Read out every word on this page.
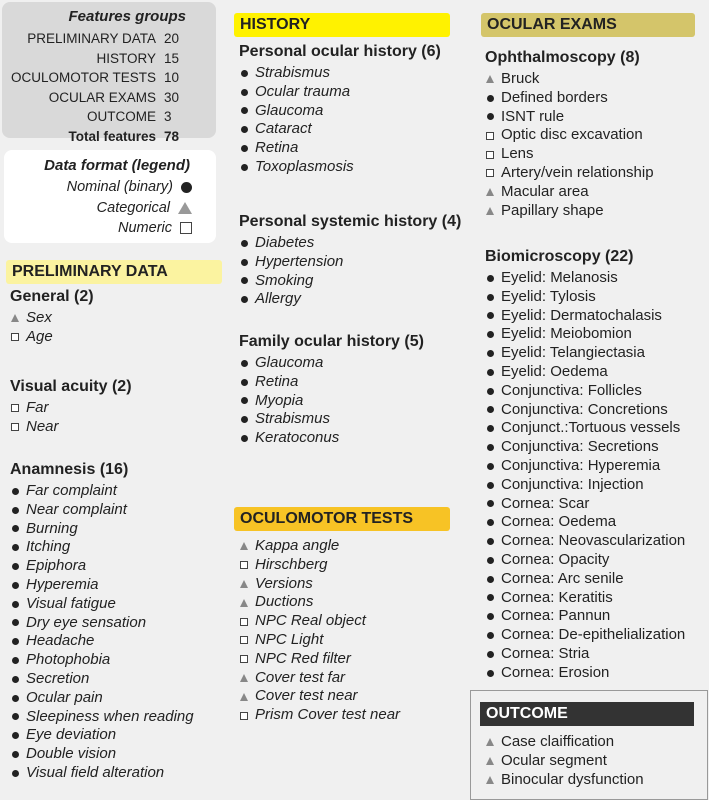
Features groups
PRELIMINARY DATA 20
HISTORY 15
OCULOMOTOR TESTS 10
OCULAR EXAMS 30
OUTCOME 3
Total features 78
Data format (legend)
Nominal (binary)
Categorical
Numeric
PRELIMINARY DATA
HISTORY
OCULOMOTOR TESTS
OCULAR EXAMS
OUTCOME
General (2)
Sex
Age
Visual acuity (2)
Far
Near
Anamnesis (16)
Far complaint
Near complaint
Burning
Itching
Epiphora
Hyperemia
Visual fatigue
Dry eye sensation
Headache
Photophobia
Secretion
Ocular pain
Sleepiness when reading
Eye deviation
Double vision
Visual field alteration
Personal ocular history (6)
Strabismus
Ocular trauma
Glaucoma
Cataract
Retina
Toxoplasmosis
Personal systemic history (4)
Diabetes
Hypertension
Smoking
Allergy
Family ocular history (5)
Glaucoma
Retina
Myopia
Strabismus
Keratoconus
Kappa angle
Hirschberg
Versions
Ductions
NPC Real object
NPC Light
NPC Red filter
Cover test far
Cover test near
Prism Cover test near
Ophthalmoscopy (8)
Bruck
Defined borders
ISNT rule
Optic disc excavation
Lens
Artery/vein relationship
Macular area
Papillary shape
Biomicroscopy (22)
Eyelid: Melanosis
Eyelid: Tylosis
Eyelid: Dermatochalasis
Eyelid: Meiobomion
Eyelid: Telangiectasia
Eyelid: Oedema
Conjunctiva: Follicles
Conjunctiva: Concretions
Conjunct.:Tortuous vessels
Conjunctiva: Secretions
Conjunctiva: Hyperemia
Conjunctiva: Injection
Cornea: Scar
Cornea: Oedema
Cornea: Neovascularization
Cornea: Opacity
Cornea: Arc senile
Cornea: Keratitis
Cornea: Pannun
Cornea: De-epithelialization
Cornea: Stria
Cornea: Erosion
Case claiffication
Ocular segment
Binocular dysfunction
